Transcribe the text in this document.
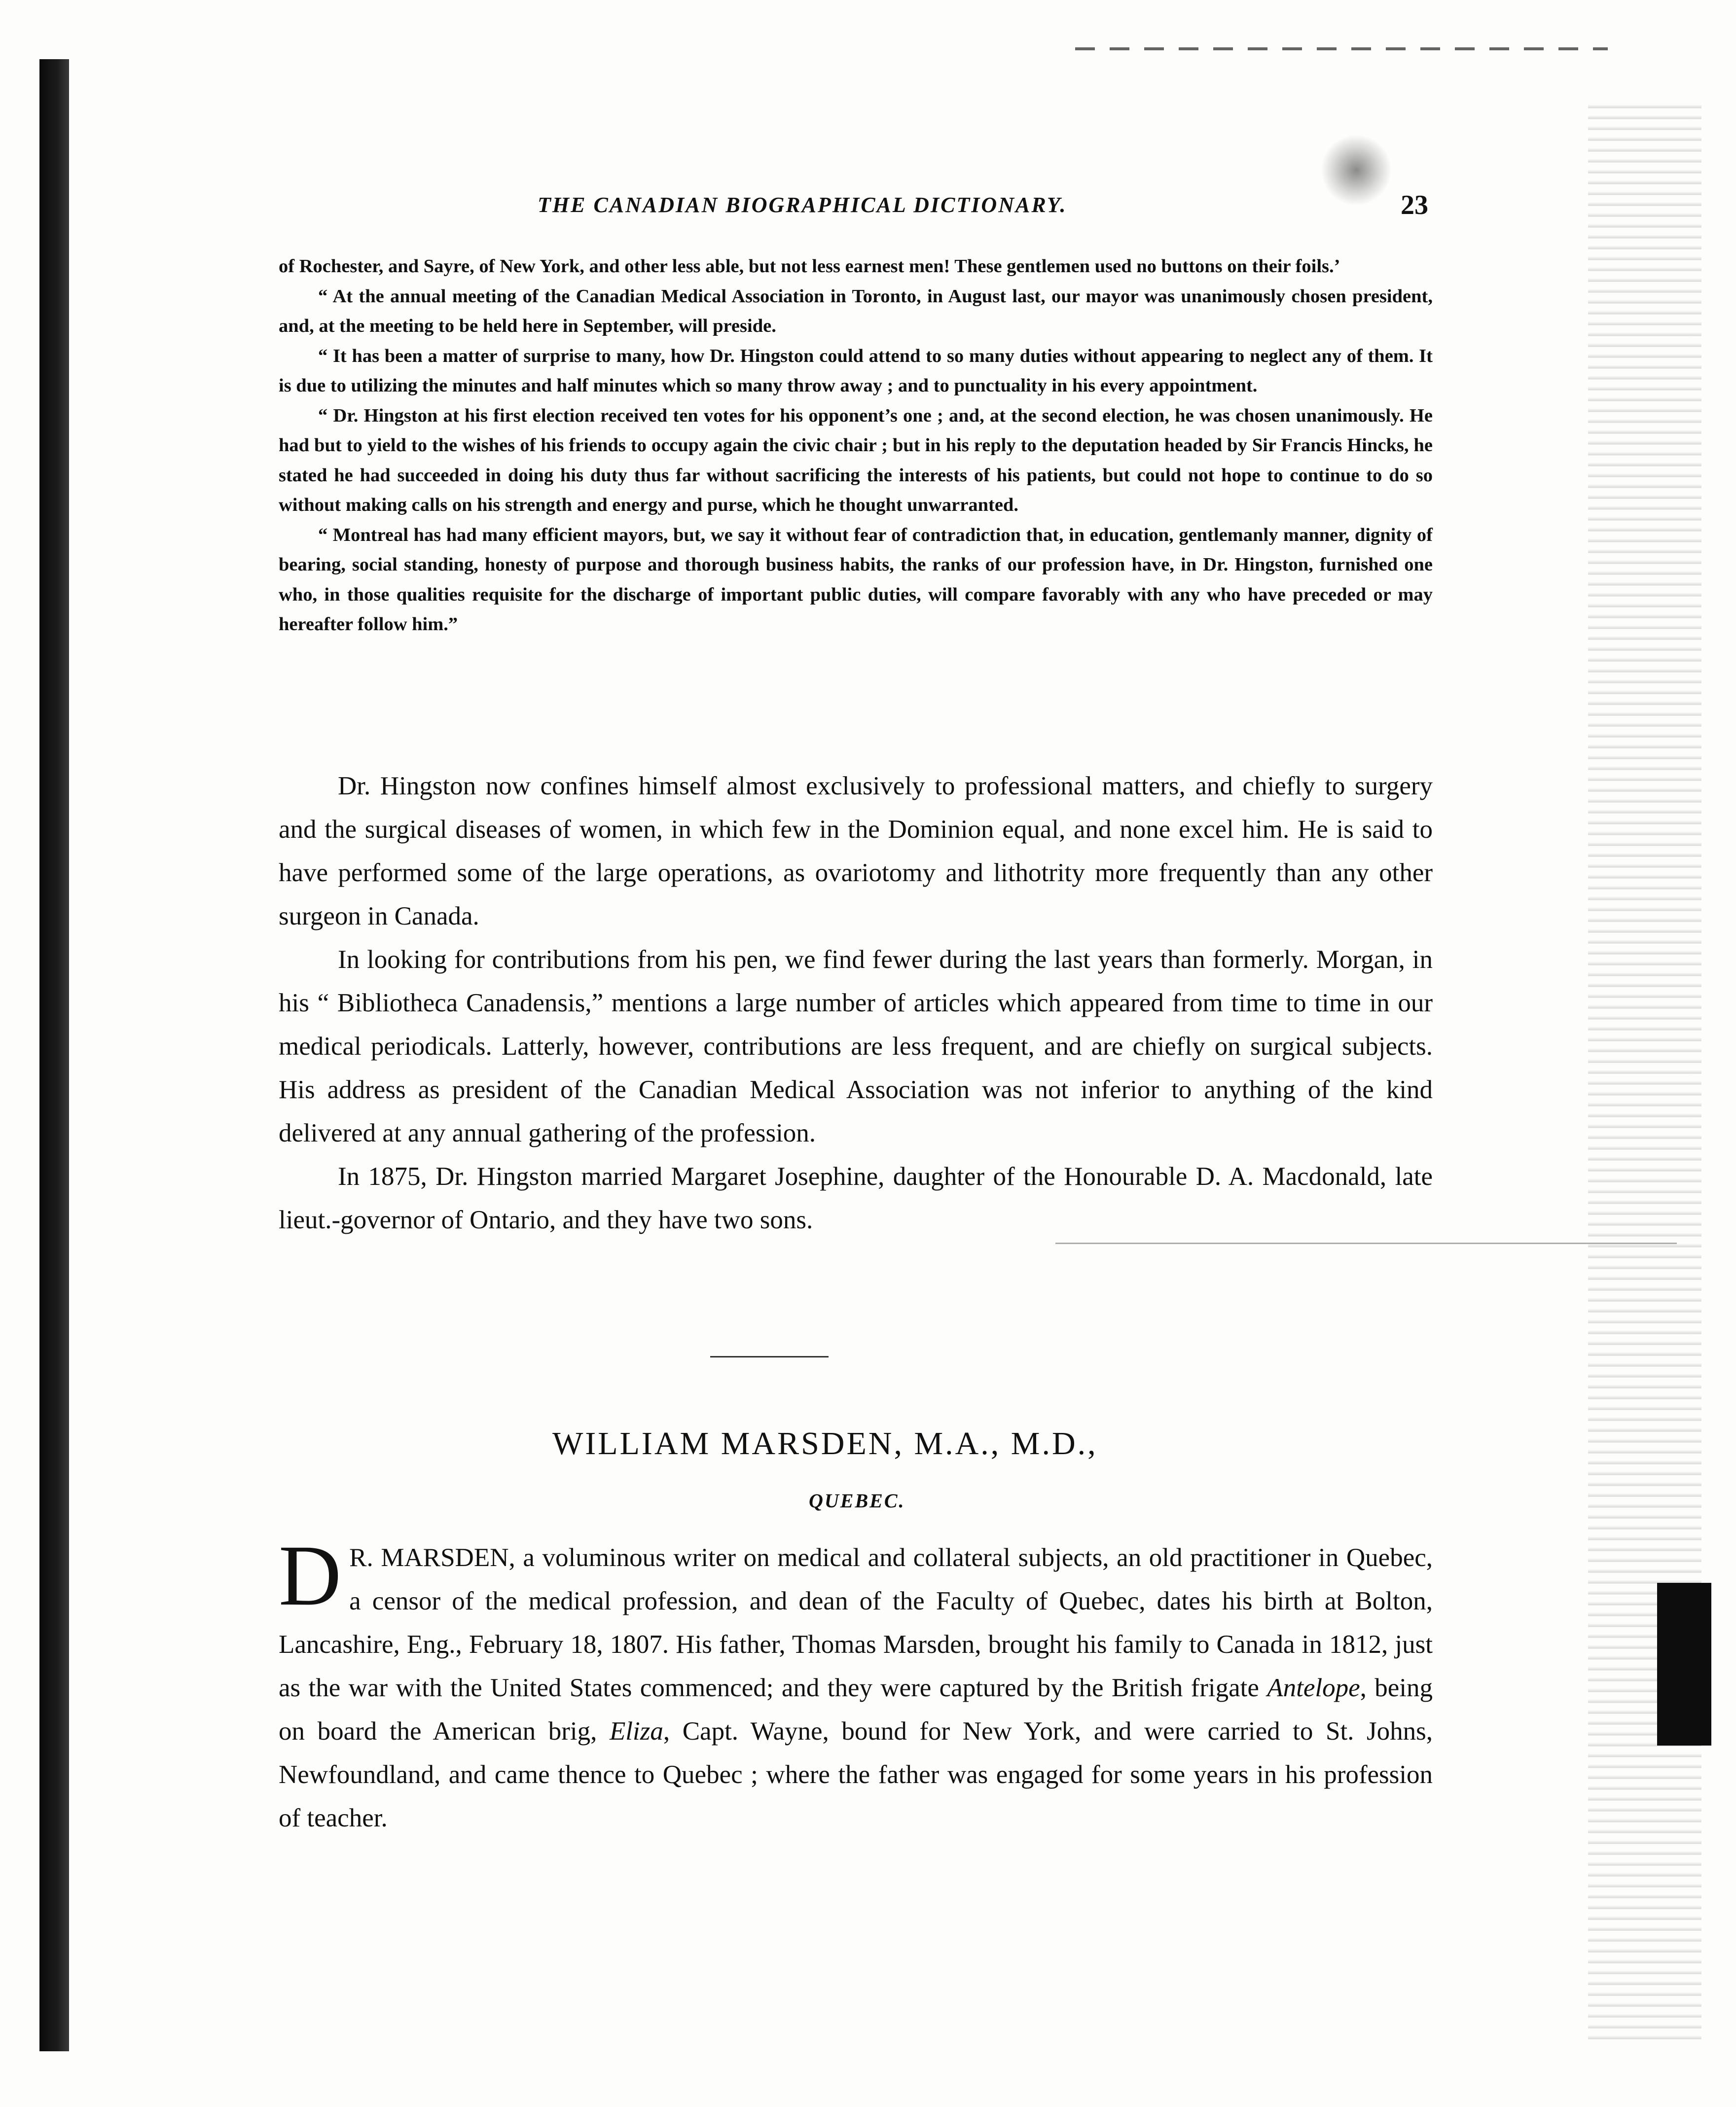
THE CANADIAN BIOGRAPHICAL DICTIONARY.	23

of Rochester, and Sayre, of New York, and other less able, but not less earnest men! These gentlemen used no buttons on their foils.’

“ At the annual meeting of the Canadian Medical Association in Toronto, in August last, our mayor was unanimously chosen president, and, at the meeting to be held here in September, will preside.

“ It has been a matter of surprise to many, how Dr. Hingston could attend to so many duties without appearing to neglect any of them. It is due to utilizing the minutes and half minutes which so many throw away ; and to punctuality in his every appointment.

“ Dr. Hingston at his first election received ten votes for his opponent’s one ; and, at the second election, he was chosen unanimously. He had but to yield to the wishes of his friends to occupy again the civic chair ; but in his reply to the deputation headed by Sir Francis Hincks, he stated he had succeeded in doing his duty thus far without sacrificing the interests of his patients, but could not hope to continue to do so without making calls on his strength and energy and purse, which he thought unwarranted.

“ Montreal has had many efficient mayors, but, we say it without fear of contradiction that, in education, gentlemanly manner, dignity of bearing, social standing, honesty of purpose and thorough business habits, the ranks of our profession have, in Dr. Hingston, furnished one who, in those qualities requisite for the discharge of important public duties, will compare favorably with any who have preceded or may hereafter follow him.”

Dr. Hingston now confines himself almost exclusively to professional matters, and chiefly to surgery and the surgical diseases of women, in which few in the Dominion equal, and none excel him. He is said to have performed some of the large operations, as ovariotomy and lithotrity more frequently than any other surgeon in Canada.

In looking for contributions from his pen, we find fewer during the last years than formerly. Morgan, in his “ Bibliotheca Canadensis,” mentions a large number of articles which appeared from time to time in our medical periodicals. Latterly, however, contributions are less frequent, and are chiefly on surgical subjects. His address as president of the Canadian Medical Association was not inferior to anything of the kind delivered at any annual gathering of the profession.

In 1875, Dr. Hingston married Margaret Josephine, daughter of the Honourable D. A. Macdonald, late lieut.-governor of Ontario, and they have two sons.

WILLIAM MARSDEN, M.A., M.D.,
QUEBEC.

D R. MARSDEN, a voluminous writer on medical and collateral subjects, an old practitioner in Quebec, a censor of the medical profession, and dean of the Faculty of Quebec, dates his birth at Bolton, Lancashire, Eng., February 18, 1807. His father, Thomas Marsden, brought his family to Canada in 1812, just as the war with the United States commenced; and they were captured by the British frigate Antelope, being on board the American brig, Eliza, Capt. Wayne, bound for New York, and were carried to St. Johns, Newfoundland, and came thence to Quebec ; where the father was engaged for some years in his profession of teacher.
